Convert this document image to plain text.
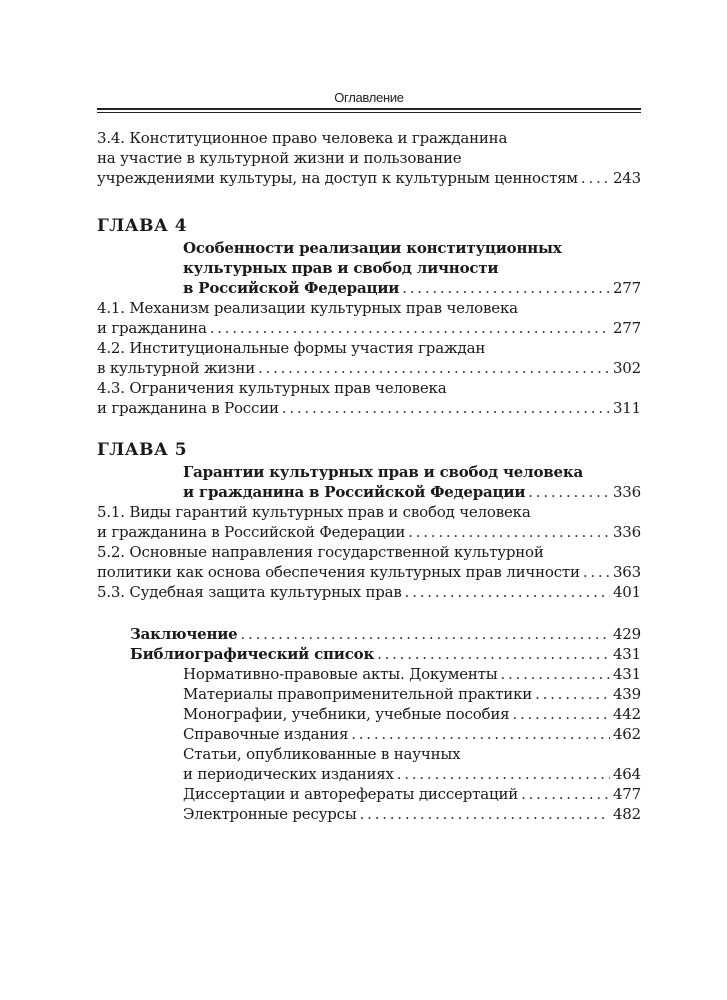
Оглавление
3.4. Конституционное право человека и гражданина
на участие в культурной жизни и пользование
учреждениями культуры, на доступ к культурным ценностям . . . 243
ГЛАВА 4
Особенности реализации конституционных
культурных прав и свобод личности
в Российской Федерации . . .	277
4.1. Механизм реализации культурных прав человека
и гражданина . . .	277
4.2. Институциональные формы участия граждан
в культурной жизни . . .	302
4.3. Ограничения культурных прав человека
и гражданина в России . . .	311
ГЛАВА 5
Гарантии культурных прав и свобод человека
и гражданина в Российской Федерации . . .	336
5.1. Виды гарантий культурных прав и свобод человека
и гражданина в Российской Федерации . . .	336
5.2. Основные направления государственной культурной
политики как основа обеспечения культурных прав личности . . . 363
5.3. Судебная защита культурных прав . . .	401
Заключение . . .	429
Библиографический список . . .	431
Нормативно-правовые акты. Документы . . .	431
Материалы правоприменительной практики . . .	439
Монографии, учебники, учебные пособия . . .	442
Справочные издания . . .	462
Статьи, опубликованные в научных
и периодических изданиях . . .	464
Диссертации и авторефераты диссертаций . . .	477
Электронные ресурсы . . .	482
